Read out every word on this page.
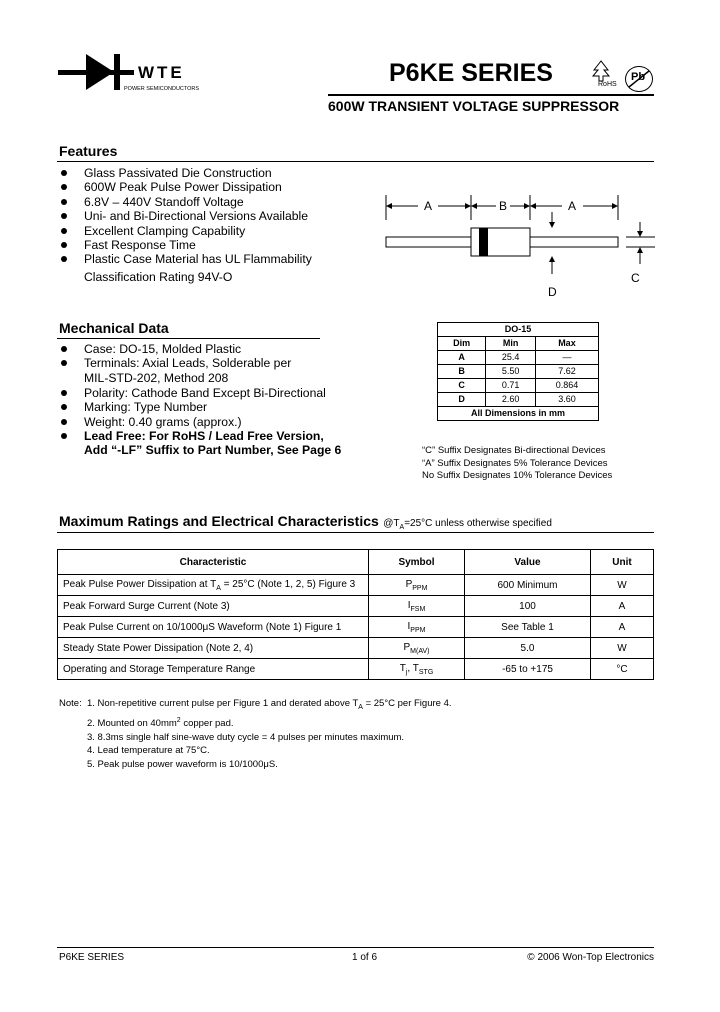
WTE
POWER SEMICONDUCTORS
P6KE SERIES	RoHS
Pb
600W TRANSIENT VOLTAGE SUPPRESSOR
Features
Glass Passivated Die Construction
600W Peak Pulse Power Dissipation
6.8V – 440V Standoff Voltage
Uni- and Bi-Directional Versions Available
Excellent Clamping Capability
Fast Response Time
Plastic Case Material has UL Flammability
Classification Rating 94V-O
A	B	A
C
D
Mechanical Data
Case: DO-15, Molded Plastic
Terminals: Axial Leads, Solderable per
MIL-STD-202, Method 208
Polarity: Cathode Band Except Bi-Directional
Marking: Type Number
Weight: 0.40 grams (approx.)
Lead Free: For RoHS / Lead Free Version,
Add “-LF” Suffix to Part Number, See Page 6
DO-15		
Dim	Min	Max
A	25.4	—
B	5.50	7.62
C	0.71	0.864
D	2.60	3.60
All Dimensions in mm		
“C” Suffix Designates Bi-directional Devices
“A” Suffix Designates 5% Tolerance Devices
No Suffix Designates 10% Tolerance Devices
Maximum Ratings and Electrical Characteristics $@T_A=25^\circ C$ unless otherwise specified
Characteristic	Symbol	Value	Unit
Peak Pulse Power Dissipation at $T_A = 25^\circ C$ (Note 1, 2, 5) Figure 3	$P_{PPM}$	600 Minimum	W
Peak Forward Surge Current (Note 3)	$I_{FSM}$	100	A
Peak Pulse Current on 10/1000μS Waveform (Note 1) Figure 1	$I_{PPM}$	See Table 1	A
Steady State Power Dissipation (Note 2, 4)	$P_{M(AV)}$	5.0	W
Operating and Storage Temperature Range	$T_j$, $T_{STG}$	-65 to +175	°C
Note: 1. Non-repetitive current pulse per Figure 1 and derated above $T_A = 25^\circ C$ per Figure 4.
2. Mounted on $40mm^2$ copper pad.
3. 8.3ms single half sine-wave duty cycle = 4 pulses per minutes maximum.
4. Lead temperature at 75°C.
5. Peak pulse power waveform is 10/1000μS.
P6KE SERIES	1 of 6	© 2006 Won-Top Electronics
